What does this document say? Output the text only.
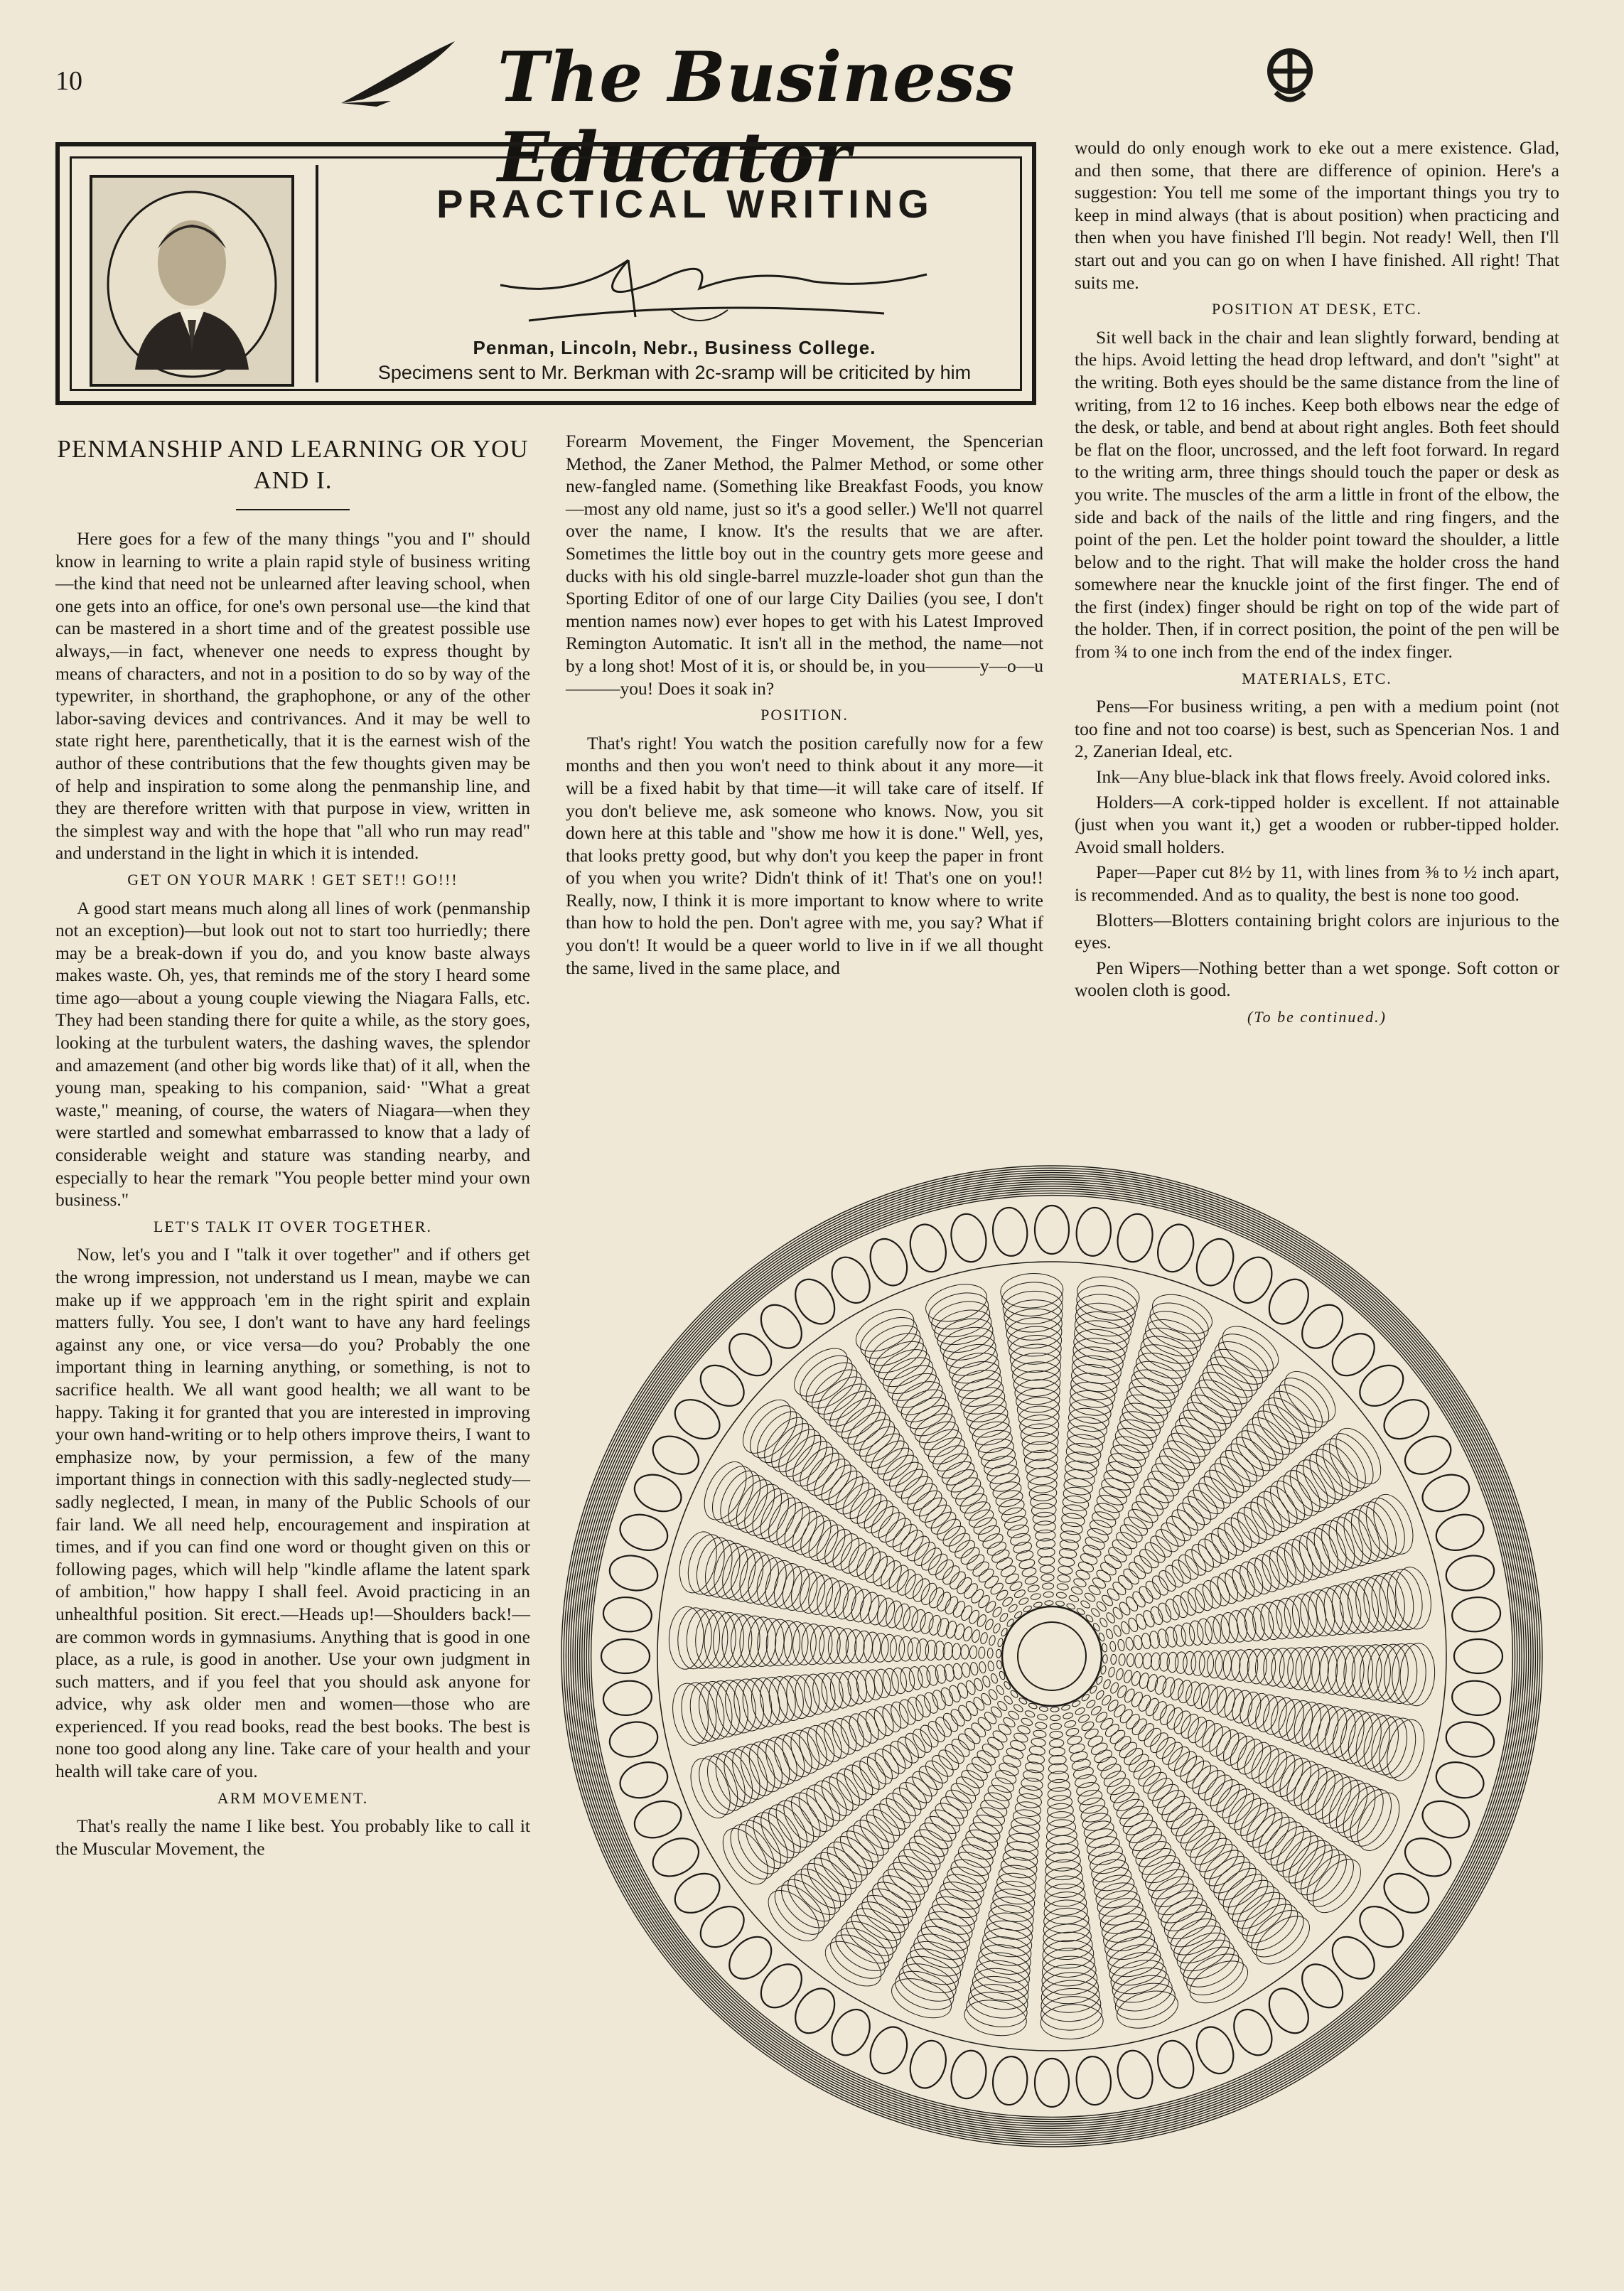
10	The Business Educator
PRACTICAL WRITING
Penman, Lincoln, Nebr., Business College.
Specimens sent to Mr. Berkman with 2c-sramp will be criticited by him
PENMANSHIP AND LEARNING OR YOU AND I.

Here goes for a few of the many things "you and I" should know in learning to write a plain rapid style of business writing—the kind that need not be unlearned after leaving school, when one gets into an office, for one's own personal use—the kind that can be mastered in a short time and of the greatest possible use always,—in fact, whenever one needs to express thought by means of characters, and not in a position to do so by way of the typewriter, in shorthand, the graphophone, or any of the other labor-saving devices and contrivances. And it may be well to state right here, parenthetically, that it is the earnest wish of the author of these contributions that the few thoughts given may be of help and inspiration to some along the penmanship line, and they are therefore written with that purpose in view, written in the simplest way and with the hope that "all who run may read" and understand in the light in which it is intended.

GET ON YOUR MARK ! GET SET!! GO!!!

A good start means much along all lines of work (penmanship not an exception)—but look out not to start too hurriedly; there may be a break-down if you do, and you know baste always makes waste. Oh, yes, that reminds me of the story I heard some time ago—about a young couple viewing the Niagara Falls, etc. They had been standing there for quite a while, as the story goes, looking at the turbulent waters, the dashing waves, the splendor and amazement (and other big words like that) of it all, when the young man, speaking to his companion, said· "What a great waste," meaning, of course, the waters of Niagara—when they were startled and somewhat embarrassed to know that a lady of considerable weight and stature was standing nearby, and especially to hear the remark "You people better mind your own business."

LET'S TALK IT OVER TOGETHER.

Now, let's you and I "talk it over together" and if others get the wrong impression, not understand us I mean, maybe we can make up if we appproach 'em in the right spirit and explain matters fully. You see, I don't want to have any hard feelings against any one, or vice versa—do you? Probably the one important thing in learning anything, or something, is not to sacrifice health. We all want good health; we all want to be happy. Taking it for granted that you are interested in improving your own hand-writing or to help others improve theirs, I want to emphasize now, by your permission, a few of the many important things in connection with this sadly-neglected study—sadly neglected, I mean, in many of the Public Schools of our fair land. We all need help, encouragement and inspiration at times, and if you can find one word or thought given on this or following pages, which will help "kindle aflame the latent spark of ambition," how happy I shall feel. Avoid practicing in an unhealthful position. Sit erect.—Heads up!—Shoulders back!—are common words in gymnasiums. Anything that is good in one place, as a rule, is good in another. Use your own judgment in such matters, and if you feel that you should ask anyone for advice, why ask older men and women—those who are experienced. If you read books, read the best books. The best is none too good along any line. Take care of your health and your health will take care of you.

ARM MOVEMENT.

That's really the name I like best. You probably like to call it the Muscular Movement, the

Forearm Movement, the Finger Movement, the Spencerian Method, the Zaner Method, the Palmer Method, or some other new-fangled name. (Something like Breakfast Foods, you know—most any old name, just so it's a good seller.) We'll not quarrel over the name, I know. It's the results that we are after. Sometimes the little boy out in the country gets more geese and ducks with his old single-barrel muzzle-loader shot gun than the Sporting Editor of one of our large City Dailies (you see, I don't mention names now) ever hopes to get with his Latest Improved Remington Automatic. It isn't all in the method, the name—not by a long shot! Most of it is, or should be, in you———y—o—u———you! Does it soak in?

POSITION.

That's right! You watch the position carefully now for a few months and then you won't need to think about it any more—it will be a fixed habit by that time—it will take care of itself. If you don't believe me, ask someone who knows. Now, you sit down here at this table and "show me how it is done." Well, yes, that looks pretty good, but why don't you keep the paper in front of you when you write? Didn't think of it! That's one on you!! Really, now, I think it is more important to know where to write than how to hold the pen. Don't agree with me, you say? What if you don't! It would be a queer world to live in if we all thought the same, lived in the same place, and

would do only enough work to eke out a mere existence. Glad, and then some, that there are difference of opinion. Here's a suggestion: You tell me some of the important things you try to keep in mind always (that is about position) when practicing and then when you have finished I'll begin. Not ready! Well, then I'll start out and you can go on when I have finished. All right! That suits me.

POSITION AT DESK, ETC.

Sit well back in the chair and lean slightly forward, bending at the hips. Avoid letting the head drop leftward, and don't "sight" at the writing. Both eyes should be the same distance from the line of writing, from 12 to 16 inches. Keep both elbows near the edge of the desk, or table, and bend at about right angles. Both feet should be flat on the floor, uncrossed, and the left foot forward. In regard to the writing arm, three things should touch the paper or desk as you write. The muscles of the arm a little in front of the elbow, the side and back of the nails of the little and ring fingers, and the point of the pen. Let the holder point toward the shoulder, a little below and to the right. That will make the holder cross the hand somewhere near the knuckle joint of the first finger. The end of the first (index) finger should be right on top of the wide part of the holder. Then, if in correct position, the point of the pen will be from ¾ to one inch from the end of the index finger.

MATERIALS, ETC.

Pens—For business writing, a pen with a medium point (not too fine and not too coarse) is best, such as Spencerian Nos. 1 and 2, Zanerian Ideal, etc.

Ink—Any blue-black ink that flows freely. Avoid colored inks.

Holders—A cork-tipped holder is excellent. If not attainable (just when you want it,) get a wooden or rubber-tipped holder. Avoid small holders.

Paper—Paper cut 8½ by 11, with lines from ⅜ to ½ inch apart, is recommended. And as to quality, the best is none too good.

Blotters—Blotters containing bright colors are injurious to the eyes.

Pen Wipers—Nothing better than a wet sponge. Soft cotton or woolen cloth is good.

(To be continued.)
